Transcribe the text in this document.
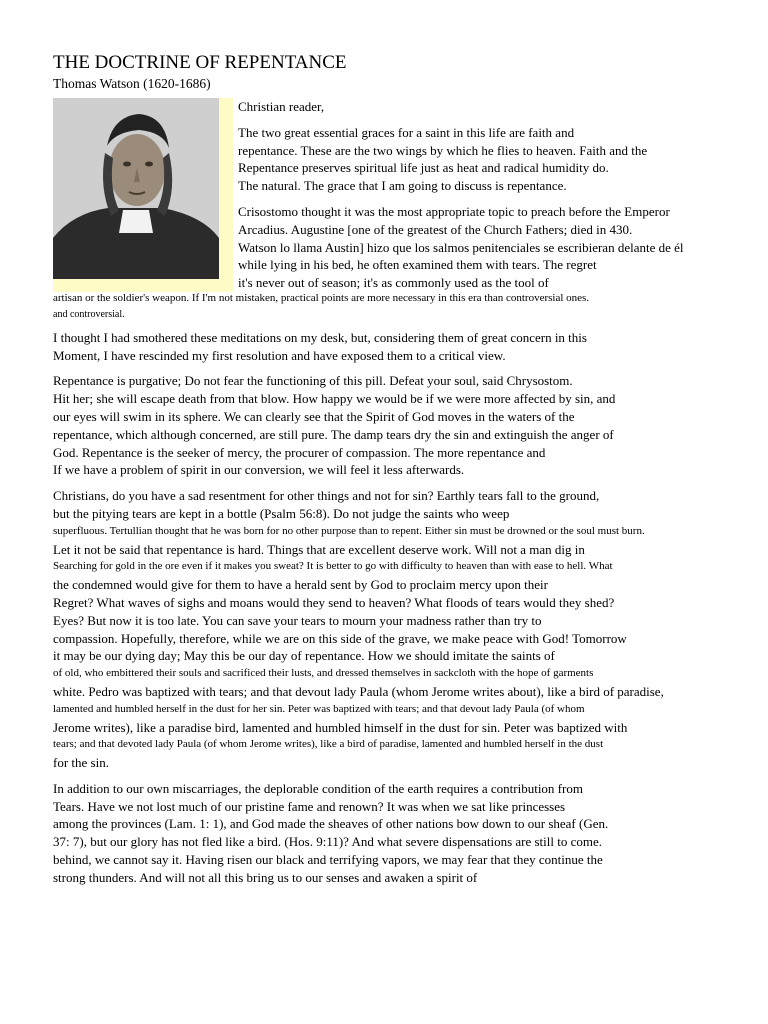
THE DOCTRINE OF REPENTANCE
Thomas Watson (1620-1686)
Christian reader,
The two great essential graces for a saint in this life are faith and
repentance. These are the two wings by which he flies to heaven. Faith and the
Repentance preserves spiritual life just as heat and radical humidity do.
The natural. The grace that I am going to discuss is repentance.
Crisostomo thought it was the most appropriate topic to preach before the Emperor
Arcadius. Augustine [one of the greatest of the Church Fathers; died in 430.
Watson lo llama Austin] hizo que los salmos penitenciales se escribieran delante de él
while lying in his bed, he often examined them with tears. The regret
it's never out of season; it's as commonly used as the tool of
artisan or the soldier's weapon. If I'm not mistaken, practical points are more necessary in this era than controversial ones.
and controversial.
I thought I had smothered these meditations on my desk, but, considering them of great concern in this
Moment, I have rescinded my first resolution and have exposed them to a critical view.
Repentance is purgative; Do not fear the functioning of this pill. Defeat your soul, said Chrysostom.
Hit her; she will escape death from that blow. How happy we would be if we were more affected by sin, and
our eyes will swim in its sphere. We can clearly see that the Spirit of God moves in the waters of the
repentance, which although concerned, are still pure. The damp tears dry the sin and extinguish the anger of
God. Repentance is the seeker of mercy, the procurer of compassion. The more repentance and
If we have a problem of spirit in our conversion, we will feel it less afterwards.
Christians, do you have a sad resentment for other things and not for sin? Earthly tears fall to the ground,
but the pitying tears are kept in a bottle (Psalm 56:8). Do not judge the saints who weep
superfluous. Tertullian thought that he was born for no other purpose than to repent. Either sin must be drowned or the soul must burn.
Let it not be said that repentance is hard. Things that are excellent deserve work. Will not a man dig in
Searching for gold in the ore even if it makes you sweat? It is better to go with difficulty to heaven than with ease to hell. What
the condemned would give for them to have a herald sent by God to proclaim mercy upon their
Regret? What waves of sighs and moans would they send to heaven? What floods of tears would they shed?
Eyes? But now it is too late. You can save your tears to mourn your madness rather than try to
compassion. Hopefully, therefore, while we are on this side of the grave, we make peace with God! Tomorrow
it may be our dying day; May this be our day of repentance. How we should imitate the saints of
of old, who embittered their souls and sacrificed their lusts, and dressed themselves in sackcloth with the hope of garments
white. Pedro was baptized with tears; and that devout lady Paula (whom Jerome writes about), like a bird of paradise,
lamented and humbled herself in the dust for her sin. Peter was baptized with tears; and that devout lady Paula (of whom
Jerome writes), like a paradise bird, lamented and humbled himself in the dust for sin. Peter was baptized with
tears; and that devoted lady Paula (of whom Jerome writes), like a bird of paradise, lamented and humbled herself in the dust
for the sin.
In addition to our own miscarriages, the deplorable condition of the earth requires a contribution from
Tears. Have we not lost much of our pristine fame and renown? It was when we sat like princesses
among the provinces (Lam. 1: 1), and God made the sheaves of other nations bow down to our sheaf (Gen.
37: 7), but our glory has not fled like a bird. (Hos. 9:11)? And what severe dispensations are still to come.
behind, we cannot say it. Having risen our black and terrifying vapors, we may fear that they continue the
strong thunders. And will not all this bring us to our senses and awaken a spirit of
